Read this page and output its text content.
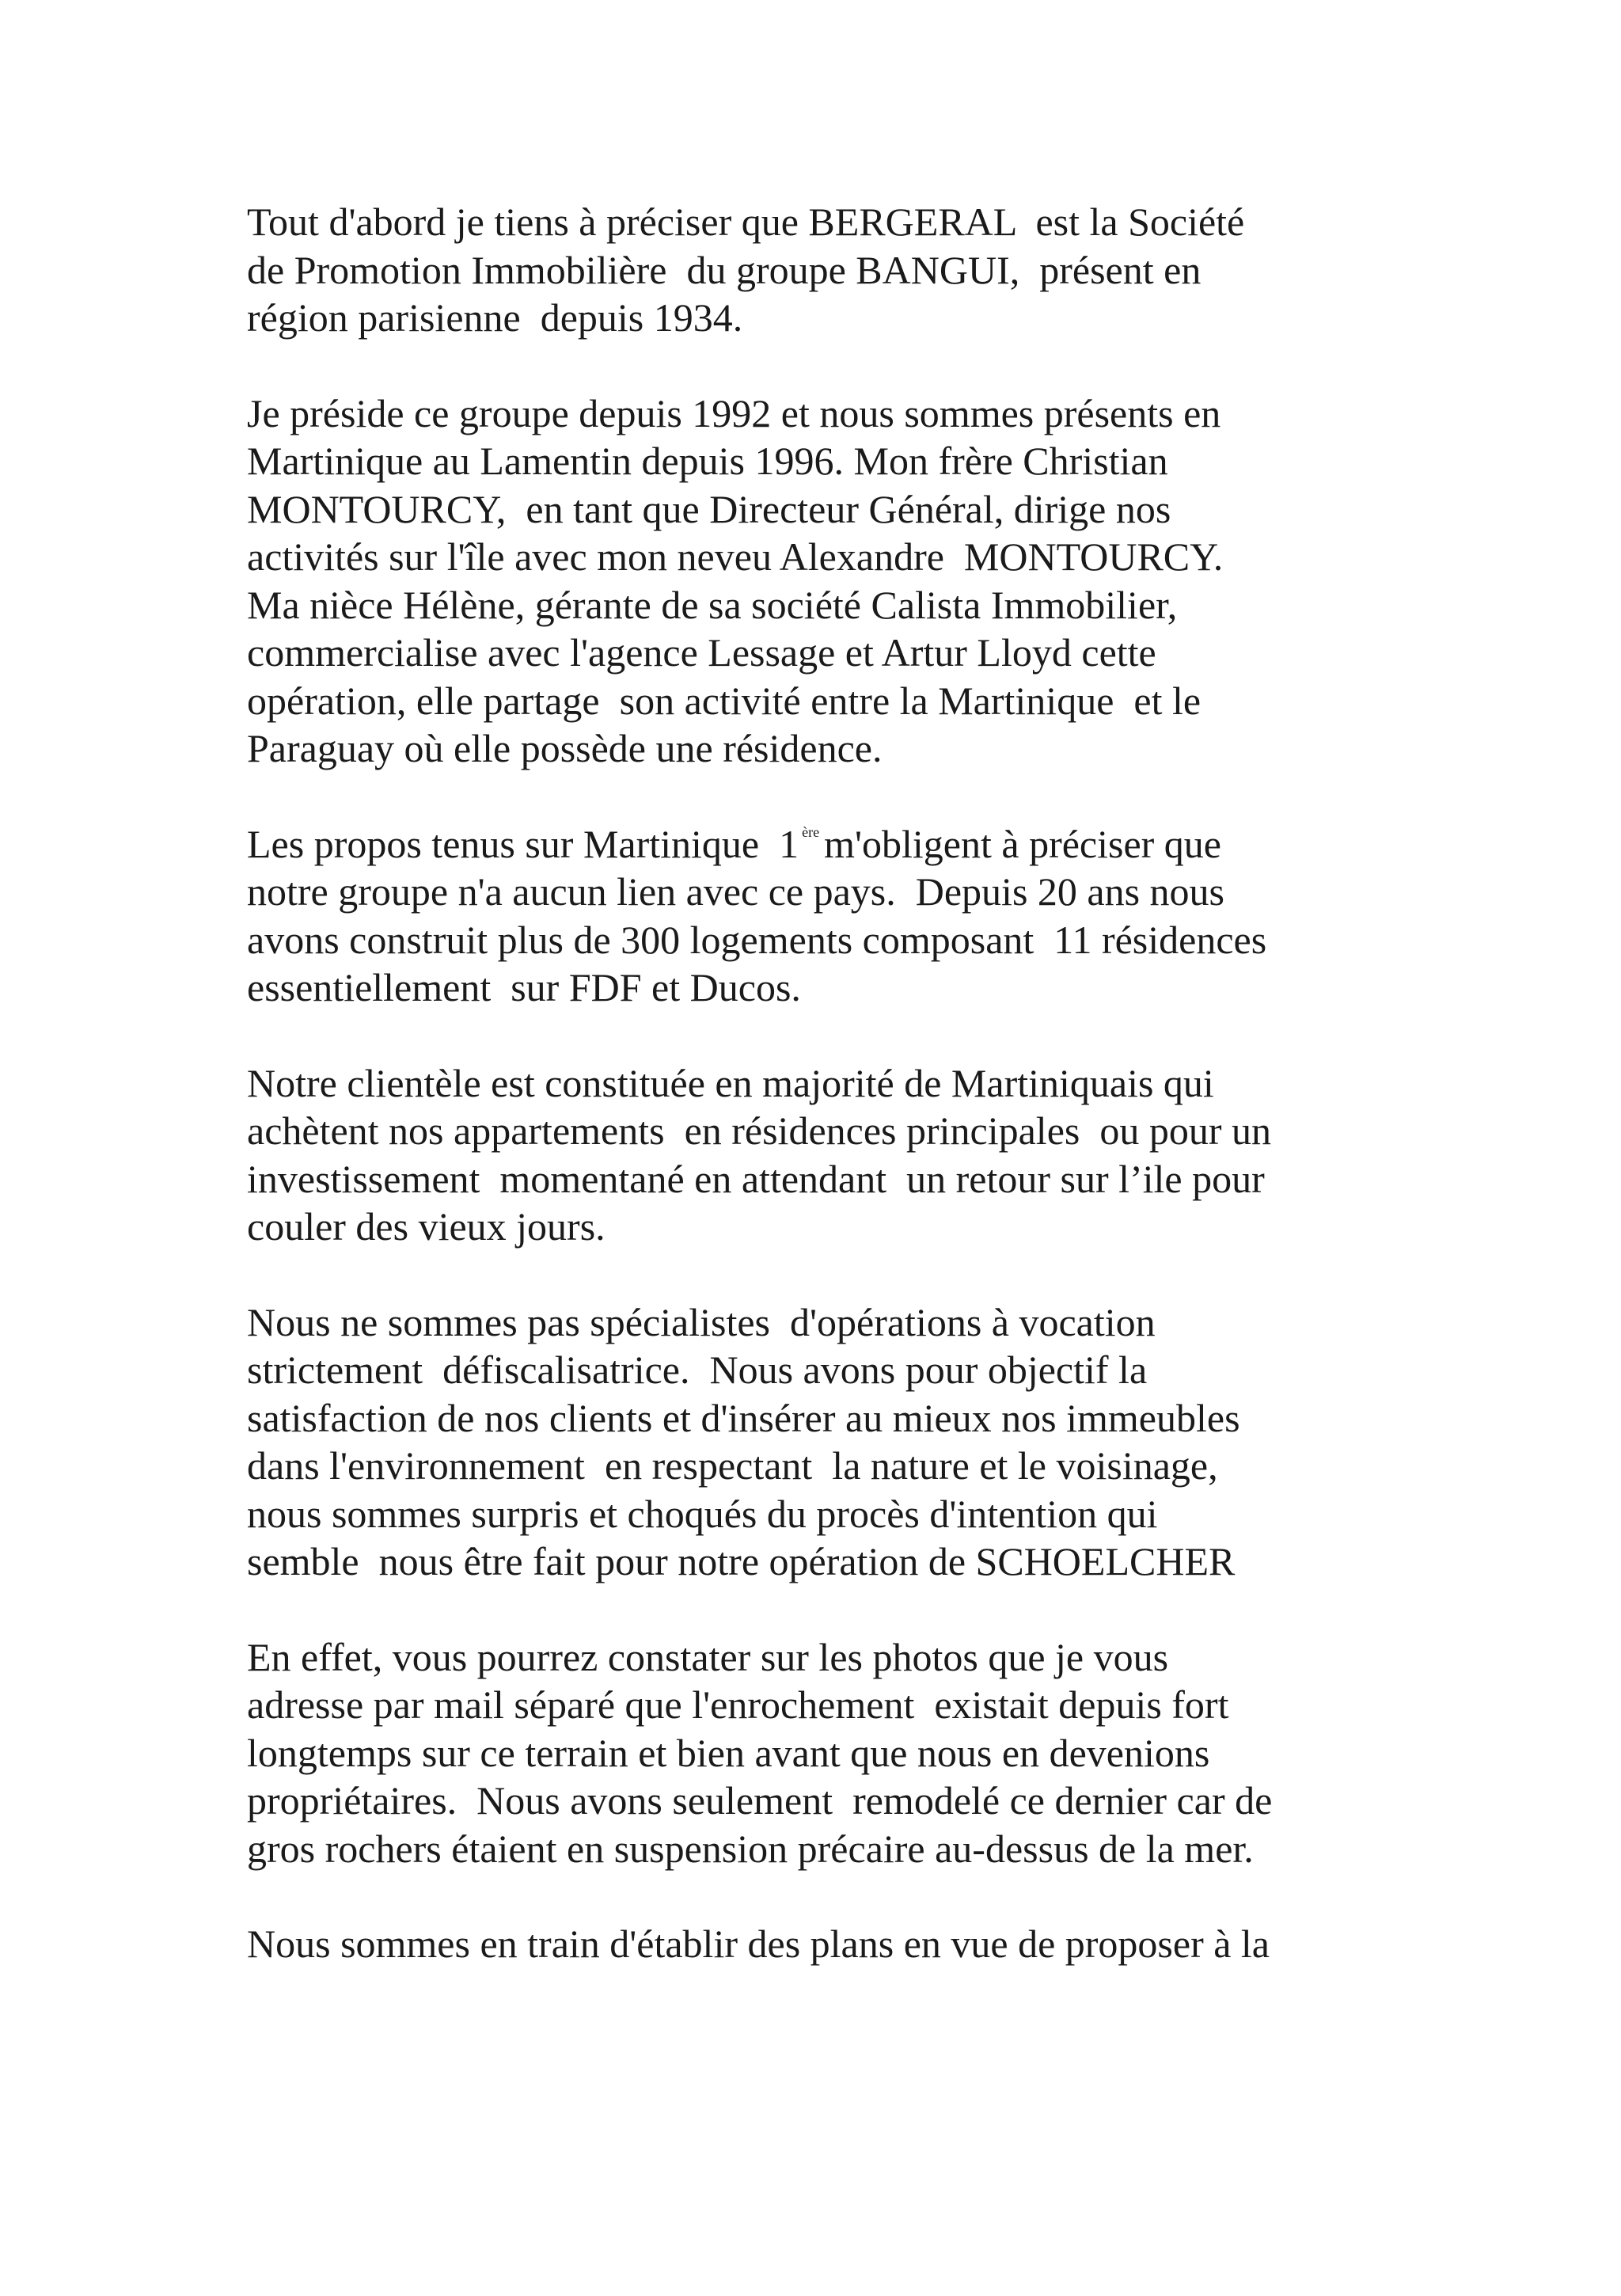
Tout d'abord je tiens à préciser que BERGERAL  est la Société
de Promotion Immobilière  du groupe BANGUI,  présent en
région parisienne  depuis 1934.

Je préside ce groupe depuis 1992 et nous sommes présents en
Martinique au Lamentin depuis 1996. Mon frère Christian
MONTOURCY,  en tant que Directeur Général, dirige nos
activités sur l'île avec mon neveu Alexandre  MONTOURCY.
Ma nièce Hélène, gérante de sa société Calista Immobilier,
commercialise avec l'agence Lessage et Artur Lloyd cette
opération, elle partage  son activité entre la Martinique  et le
Paraguay où elle possède une résidence.

Les propos tenus sur Martinique  1 $^{ère}$ m'obligent à préciser que
notre groupe n'a aucun lien avec ce pays.  Depuis 20 ans nous
avons construit plus de 300 logements composant  11 résidences
essentiellement  sur FDF et Ducos.

Notre clientèle est constituée en majorité de Martiniquais qui
achètent nos appartements  en résidences principales  ou pour un
investissement  momentané en attendant  un retour sur l’ile pour
couler des vieux jours.

Nous ne sommes pas spécialistes  d'opérations à vocation
strictement  défiscalisatrice.  Nous avons pour objectif la
satisfaction de nos clients et d'insérer au mieux nos immeubles
dans l'environnement  en respectant  la nature et le voisinage,
nous sommes surpris et choqués du procès d'intention qui
semble  nous être fait pour notre opération de SCHOELCHER

En effet, vous pourrez constater sur les photos que je vous
adresse par mail séparé que l'enrochement  existait depuis fort
longtemps sur ce terrain et bien avant que nous en devenions
propriétaires.  Nous avons seulement  remodelé ce dernier car de
gros rochers étaient en suspension précaire au-dessus de la mer.

Nous sommes en train d'établir des plans en vue de proposer à la
